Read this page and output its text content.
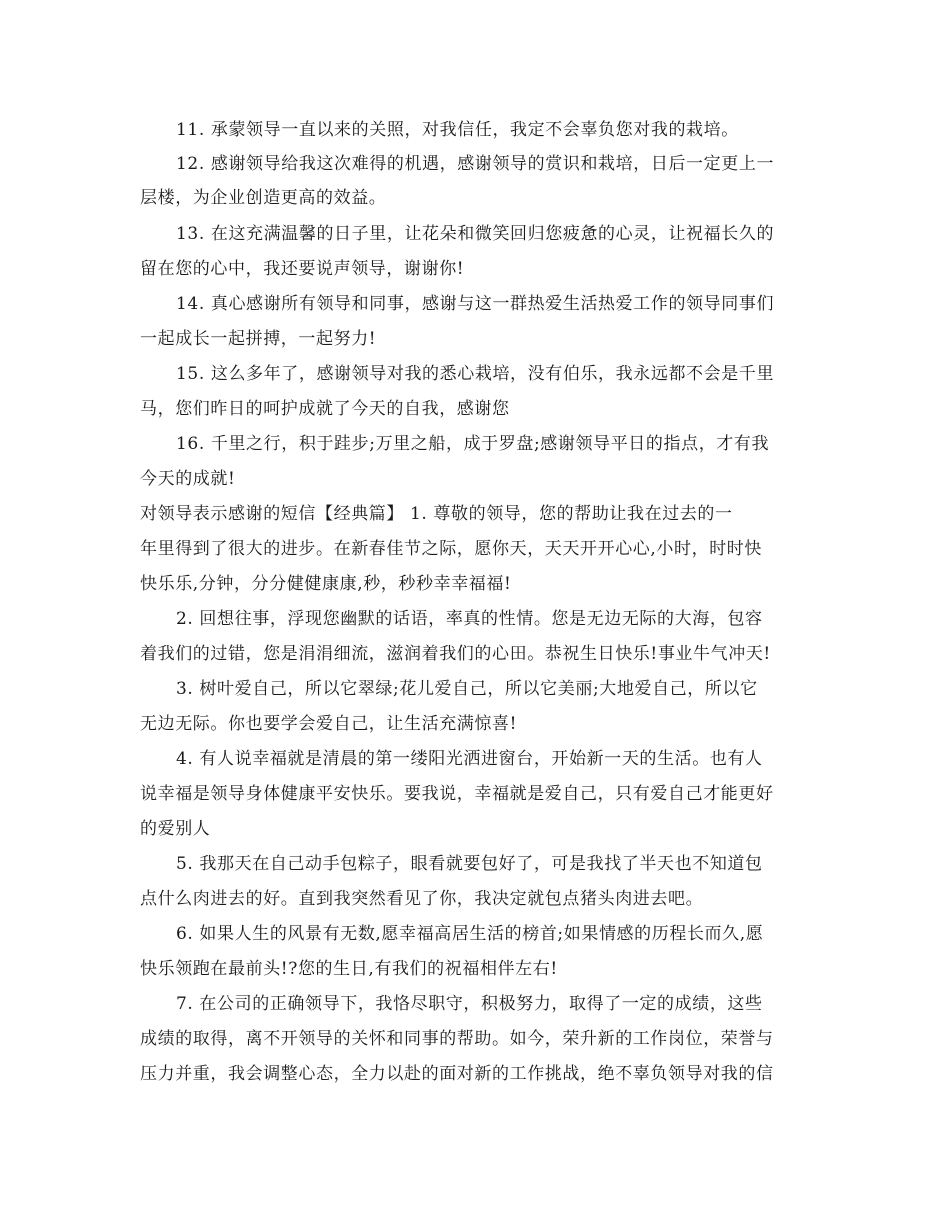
11. 承蒙领导一直以来的关照，对我信任，我定不会辜负您对我的栽培。

12. 感谢领导给我这次难得的机遇，感谢领导的赏识和栽培，日后一定更上一

层楼，为企业创造更高的效益。

13. 在这充满温馨的日子里，让花朵和微笑回归您疲惫的心灵，让祝福长久的

留在您的心中，我还要说声领导，谢谢你!

14. 真心感谢所有领导和同事，感谢与这一群热爱生活热爱工作的领导同事们

一起成长一起拼搏，一起努力!

15. 这么多年了，感谢领导对我的悉心栽培，没有伯乐，我永远都不会是千里

马，您们昨日的呵护成就了今天的自我，感谢您

16. 千里之行，积于跬步;万里之船，成于罗盘;感谢领导平日的指点，才有我

今天的成就!

对领导表示感谢的短信【经典篇】 1. 尊敬的领导，您的帮助让我在过去的一

年里得到了很大的进步。在新春佳节之际，愿你天，天天开开心心,小时，时时快

快乐乐,分钟，分分健健康康,秒，秒秒幸幸福福!

2. 回想往事，浮现您幽默的话语，率真的性情。您是无边无际的大海，包容

着我们的过错，您是涓涓细流，滋润着我们的心田。恭祝生日快乐!事业牛气冲天!

3. 树叶爱自己，所以它翠绿;花儿爱自己，所以它美丽;大地爱自己，所以它

无边无际。你也要学会爱自己，让生活充满惊喜!

4. 有人说幸福就是清晨的第一缕阳光洒进窗台，开始新一天的生活。也有人

说幸福是领导身体健康平安快乐。要我说，幸福就是爱自己，只有爱自己才能更好

的爱别人

5. 我那天在自己动手包粽子，眼看就要包好了，可是我找了半天也不知道包

点什么肉进去的好。直到我突然看见了你，我决定就包点猪头肉进去吧。

6. 如果人生的风景有无数,愿幸福高居生活的榜首;如果情感的历程长而久,愿

快乐领跑在最前头!?您的生日,有我们的祝福相伴左右!

7. 在公司的正确领导下，我恪尽职守，积极努力，取得了一定的成绩，这些

成绩的取得，离不开领导的关怀和同事的帮助。如今，荣升新的工作岗位，荣誉与

压力并重，我会调整心态，全力以赴的面对新的工作挑战，绝不辜负领导对我的信
